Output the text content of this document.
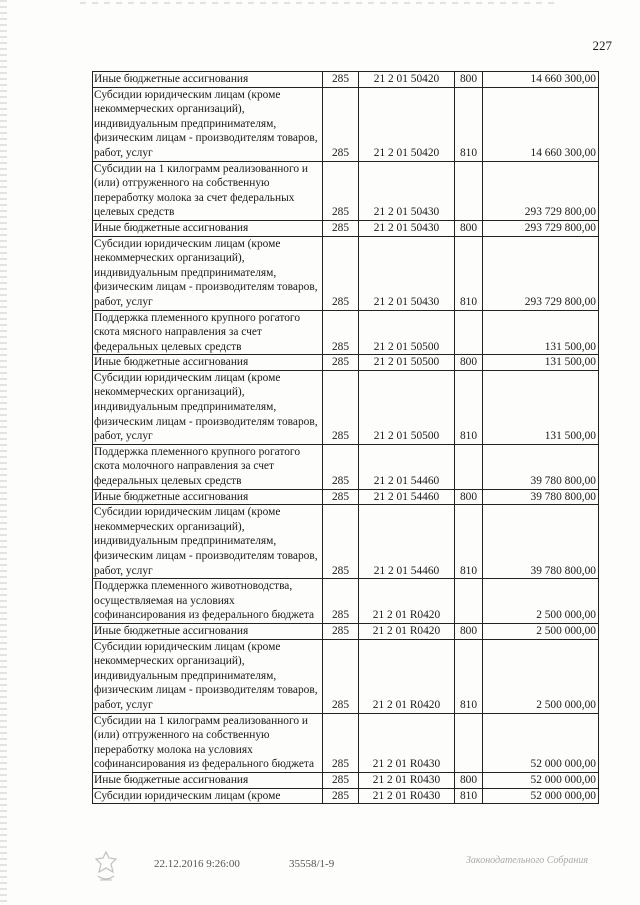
227
Иные бюджетные ассигнования	285	21 2 01 50420	800	14 660 300,00
Субсидии юридическим лицам (кроме некоммерческих организаций), индивидуальным предпринимателям, физическим лицам - производителям товаров, работ, услуг	285	21 2 01 50420	810	14 660 300,00
Субсидии на 1 килограмм реализованного и (или) отгруженного на собственную переработку молока за счет федеральных целевых средств	285	21 2 01 50430		293 729 800,00
Иные бюджетные ассигнования	285	21 2 01 50430	800	293 729 800,00
Субсидии юридическим лицам (кроме некоммерческих организаций), индивидуальным предпринимателям, физическим лицам - производителям товаров, работ, услуг	285	21 2 01 50430	810	293 729 800,00
Поддержка племенного крупного рогатого скота мясного направления за счет федеральных целевых средств	285	21 2 01 50500		131 500,00
Иные бюджетные ассигнования	285	21 2 01 50500	800	131 500,00
Субсидии юридическим лицам (кроме некоммерческих организаций), индивидуальным предпринимателям, физическим лицам - производителям товаров, работ, услуг	285	21 2 01 50500	810	131 500,00
Поддержка племенного крупного рогатого скота молочного направления за счет федеральных целевых средств	285	21 2 01 54460		39 780 800,00
Иные бюджетные ассигнования	285	21 2 01 54460	800	39 780 800,00
Субсидии юридическим лицам (кроме некоммерческих организаций), индивидуальным предпринимателям, физическим лицам - производителям товаров, работ, услуг	285	21 2 01 54460	810	39 780 800,00
Поддержка племенного животноводства, осуществляемая на условиях софинансирования из федерального бюджета	285	21 2 01 R0420		2 500 000,00
Иные бюджетные ассигнования	285	21 2 01 R0420	800	2 500 000,00
Субсидии юридическим лицам (кроме некоммерческих организаций), индивидуальным предпринимателям, физическим лицам - производителям товаров, работ, услуг	285	21 2 01 R0420	810	2 500 000,00
Субсидии на 1 килограмм реализованного и (или) отгруженного на собственную переработку молока на условиях софинансирования из федерального бюджета	285	21 2 01 R0430		52 000 000,00
Иные бюджетные ассигнования	285	21 2 01 R0430	800	52 000 000,00
Субсидии юридическим лицам (кроме	285	21 2 01 R0430	810	52 000 000,00
22.12.2016 9:26:00	35558/1-9	Законодательного Собрания
